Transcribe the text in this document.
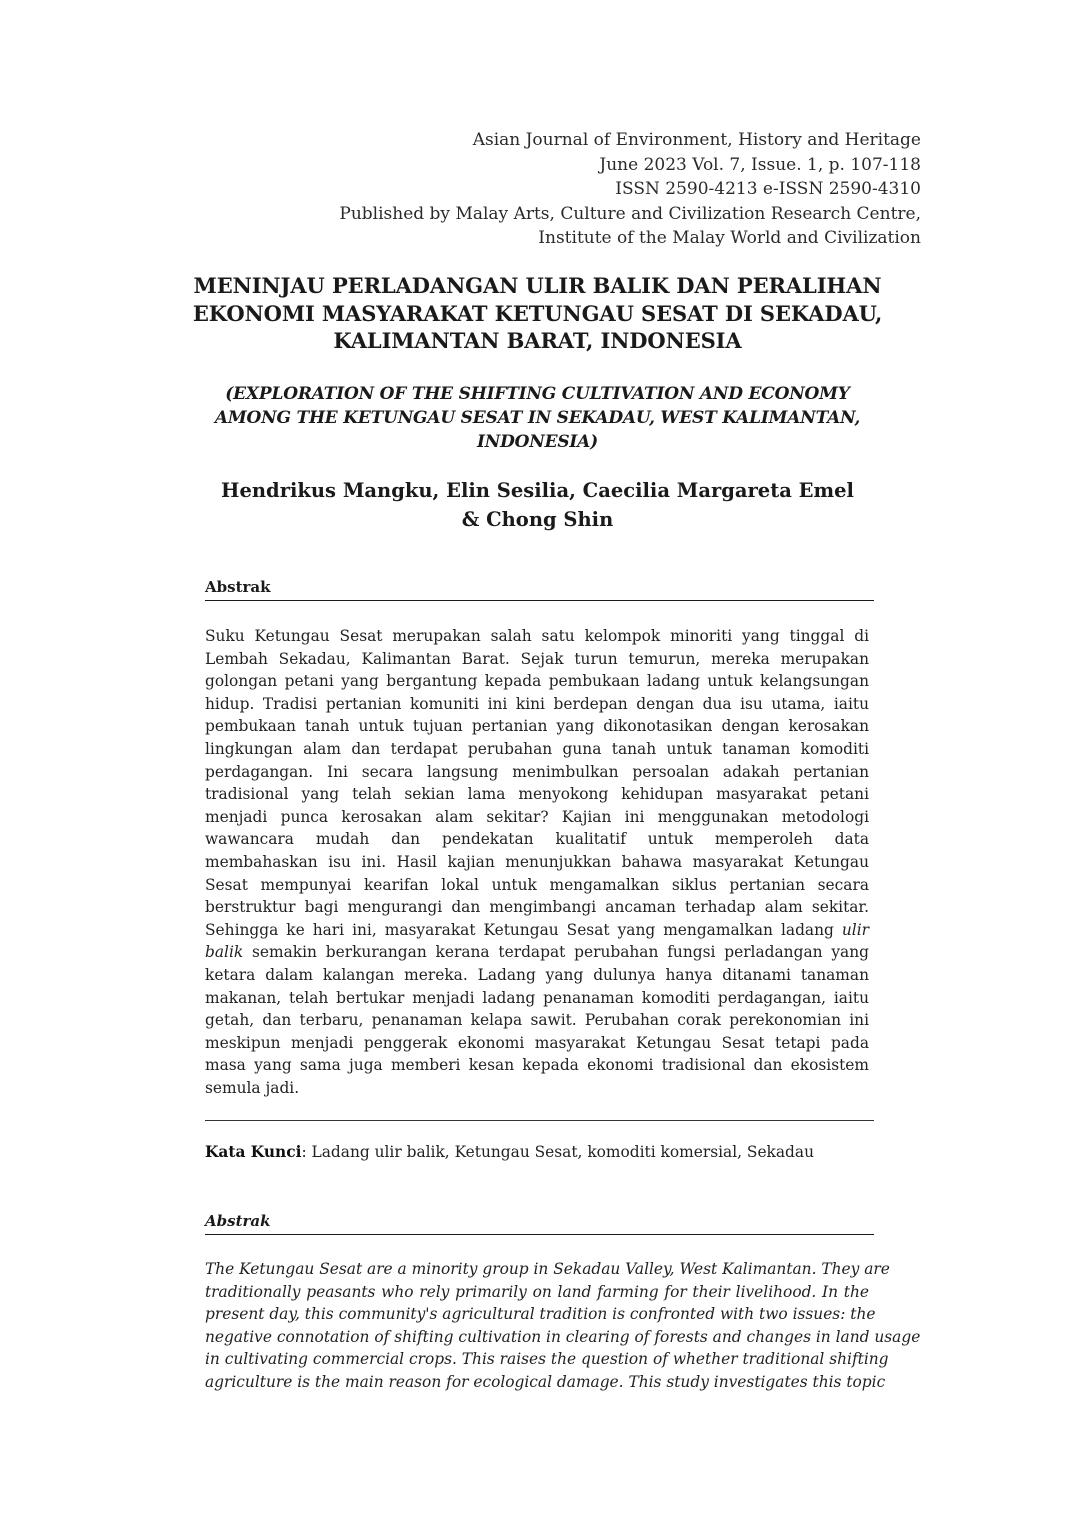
Asian Journal of Environment, History and Heritage
June 2023 Vol. 7, Issue. 1, p. 107-118
ISSN 2590-4213 e-ISSN 2590-4310
Published by Malay Arts, Culture and Civilization Research Centre,
Institute of the Malay World and Civilization
MENINJAU PERLADANGAN ULIR BALIK DAN PERALIHAN
EKONOMI MASYARAKAT KETUNGAU SESAT DI SEKADAU,
KALIMANTAN BARAT, INDONESIA
(EXPLORATION OF THE SHIFTING CULTIVATION AND ECONOMY
AMONG THE KETUNGAU SESAT IN SEKADAU, WEST KALIMANTAN,
INDONESIA)
Hendrikus Mangku, Elin Sesilia, Caecilia Margareta Emel
& Chong Shin
Abstrak
Suku Ketungau Sesat merupakan salah satu kelompok minoriti yang tinggal di
Lembah Sekadau, Kalimantan Barat. Sejak turun temurun, mereka merupakan
golongan petani yang bergantung kepada pembukaan ladang untuk kelangsungan
hidup. Tradisi pertanian komuniti ini kini berdepan dengan dua isu utama, iaitu
pembukaan tanah untuk tujuan pertanian yang dikonotasikan dengan kerosakan
lingkungan alam dan terdapat perubahan guna tanah untuk tanaman komoditi
perdagangan. Ini secara langsung menimbulkan persoalan adakah pertanian
tradisional yang telah sekian lama menyokong kehidupan masyarakat petani
menjadi punca kerosakan alam sekitar? Kajian ini menggunakan metodologi
wawancara mudah dan pendekatan kualitatif untuk memperoleh data
membahaskan isu ini. Hasil kajian menunjukkan bahawa masyarakat Ketungau
Sesat mempunyai kearifan lokal untuk mengamalkan siklus pertanian secara
berstruktur bagi mengurangi dan mengimbangi ancaman terhadap alam sekitar.
Sehingga ke hari ini, masyarakat Ketungau Sesat yang mengamalkan ladang ulir
balik semakin berkurangan kerana terdapat perubahan fungsi perladangan yang
ketara dalam kalangan mereka. Ladang yang dulunya hanya ditanami tanaman
makanan, telah bertukar menjadi ladang penanaman komoditi perdagangan, iaitu
getah, dan terbaru, penanaman kelapa sawit. Perubahan corak perekonomian ini
meskipun menjadi penggerak ekonomi masyarakat Ketungau Sesat tetapi pada
masa yang sama juga memberi kesan kepada ekonomi tradisional dan ekosistem
semula jadi.
Kata Kunci: Ladang ulir balik, Ketungau Sesat, komoditi komersial, Sekadau
Abstrak
The Ketungau Sesat are a minority group in Sekadau Valley, West Kalimantan. They are
traditionally peasants who rely primarily on land farming for their livelihood. In the
present day, this community's agricultural tradition is confronted with two issues: the
negative connotation of shifting cultivation in clearing of forests and changes in land usage
in cultivating commercial crops. This raises the question of whether traditional shifting
agriculture is the main reason for ecological damage. This study investigates this topic
